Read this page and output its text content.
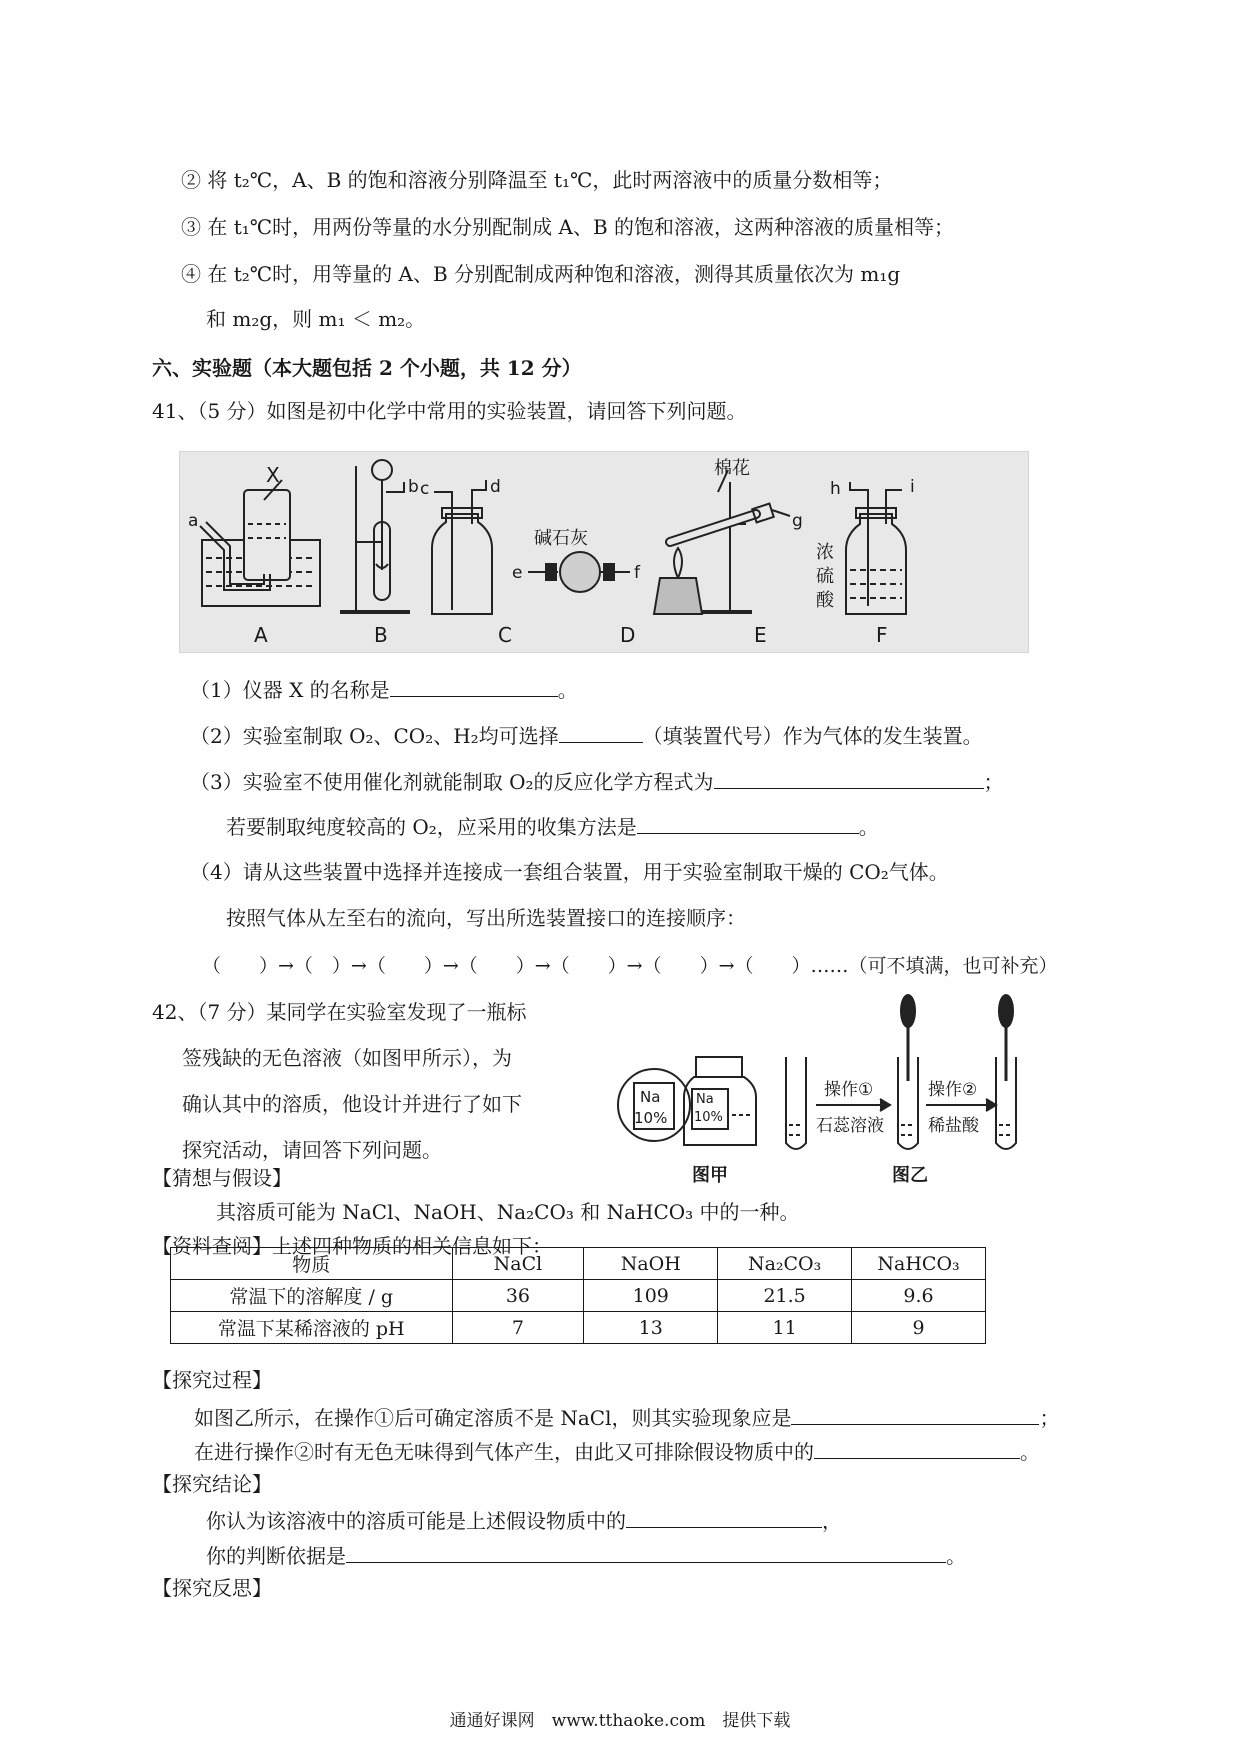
② 将 t₂℃，A、B 的饱和溶液分别降温至 t₁℃，此时两溶液中的质量分数相等；
③ 在 t₁℃时，用两份等量的水分别配制成 A、B 的饱和溶液，这两种溶液的质量相等；
④ 在 t₂℃时，用等量的 A、B 分别配制成两种饱和溶液，测得其质量依次为 m₁g
和 m₂g，则 m₁ ＜ m₂。
六、实验题（本大题包括 2 个小题，共 12 分）
41、（5 分）如图是初中化学中常用的实验装置，请回答下列问题。
X
a
b c	d
碱石灰
e	f
棉花
g
h	i
浓
硫
酸
A	B	C	D	E	F
（1）仪器 X 的名称是	。
（2）实验室制取 O₂、CO₂、H₂均可选择	（填装置代号）作为气体的发生装置。
（3）实验室不使用催化剂就能制取 O₂的反应化学方程式为	；
若要制取纯度较高的 O₂，应采用的收集方法是	。
（4）请从这些装置中选择并连接成一套组合装置，用于实验室制取干燥的 CO₂气体。
按照气体从左至右的流向，写出所选装置接口的连接顺序：
（　　）→（　）→（　　）→（　　）→（　　）→（　　）→（　　）……（可不填满，也可补充）
42、（7 分）某同学在实验室发现了一瓶标
签残缺的无色溶液（如图甲所示），为
确认其中的溶质，他设计并进行了如下
探究活动，请回答下列问题。
Na
10%
Na
10%
操作①
石蕊溶液
操作②
稀盐酸
图甲	图乙
【猜想与假设】
其溶质可能为 NaCl、NaOH、Na₂CO₃ 和 NaHCO₃ 中的一种。
【资料查阅】上述四种物质的相关信息如下：
物质	NaCl	NaOH	Na₂CO₃	NaHCO₃
常温下的溶解度 / g	36	109	21.5	9.6
常温下某稀溶液的 pH	7	13	11	9
【探究过程】
如图乙所示，在操作①后可确定溶质不是 NaCl，则其实验现象应是	；
在进行操作②时有无色无味得到气体产生，由此又可排除假设物质中的	。
【探究结论】
你认为该溶液中的溶质可能是上述假设物质中的	，
你的判断依据是	。
【探究反思】
通通好课网　www.tthaoke.com　提供下载
